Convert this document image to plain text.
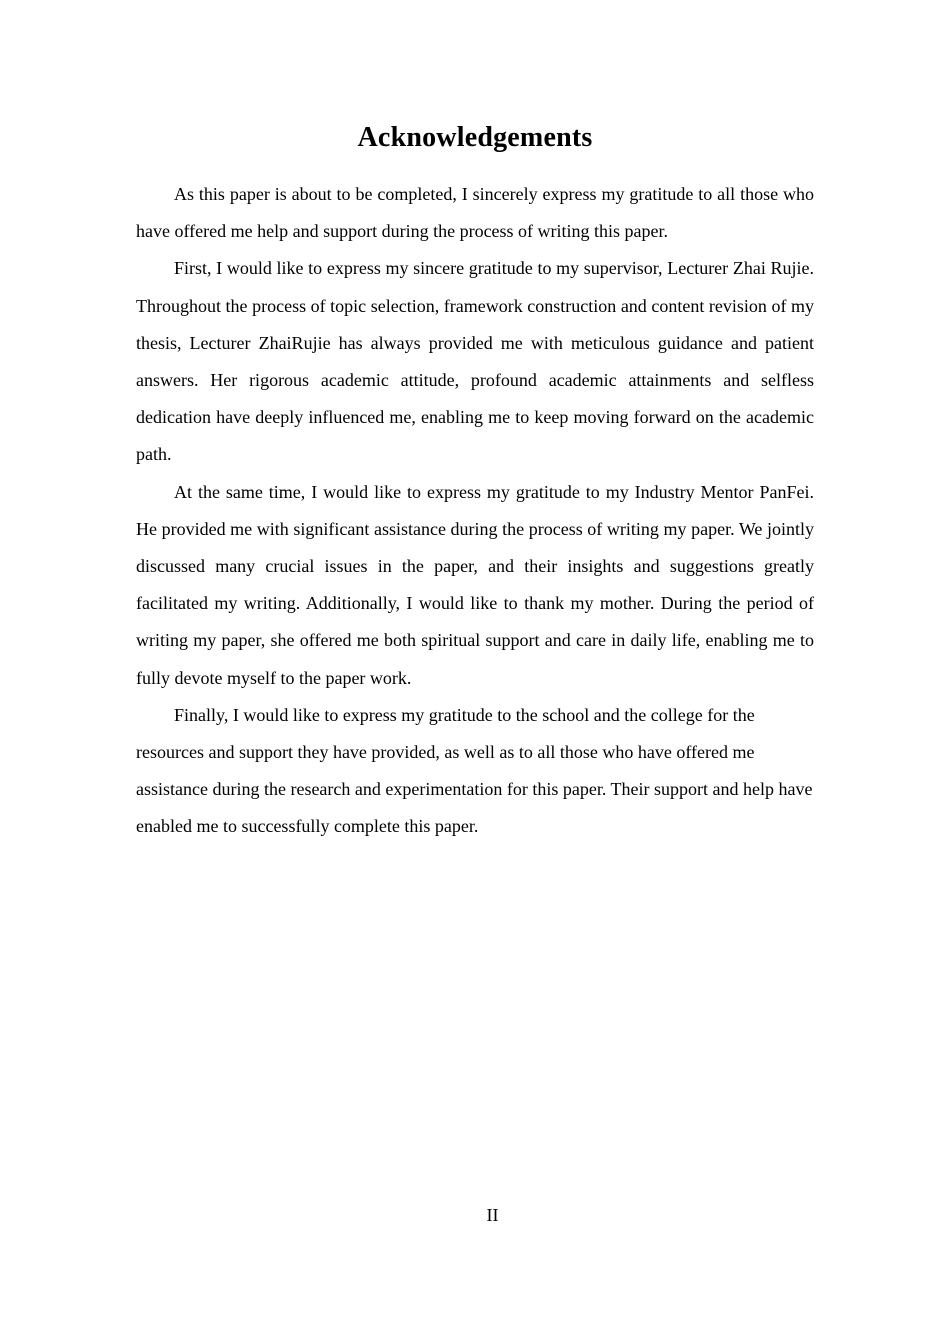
Acknowledgements

As this paper is about to be completed, I sincerely express my gratitude to all those who have offered me help and support during the process of writing this paper.

First, I would like to express my sincere gratitude to my supervisor, Lecturer Zhai Rujie. Throughout the process of topic selection, framework construction and content revision of my thesis, Lecturer ZhaiRujie has always provided me with meticulous guidance and patient answers. Her rigorous academic attitude, profound academic attainments and selfless dedication have deeply influenced me, enabling me to keep moving forward on the academic path.

At the same time, I would like to express my gratitude to my Industry Mentor PanFei. He provided me with significant assistance during the process of writing my paper. We jointly discussed many crucial issues in the paper, and their insights and suggestions greatly facilitated my writing. Additionally, I would like to thank my mother. During the period of writing my paper, she offered me both spiritual support and care in daily life, enabling me to fully devote myself to the paper work.

Finally, I would like to express my gratitude to the school and the college for the resources and support they have provided, as well as to all those who have offered me assistance during the research and experimentation for this paper. Their support and help have enabled me to successfully complete this paper.

II
